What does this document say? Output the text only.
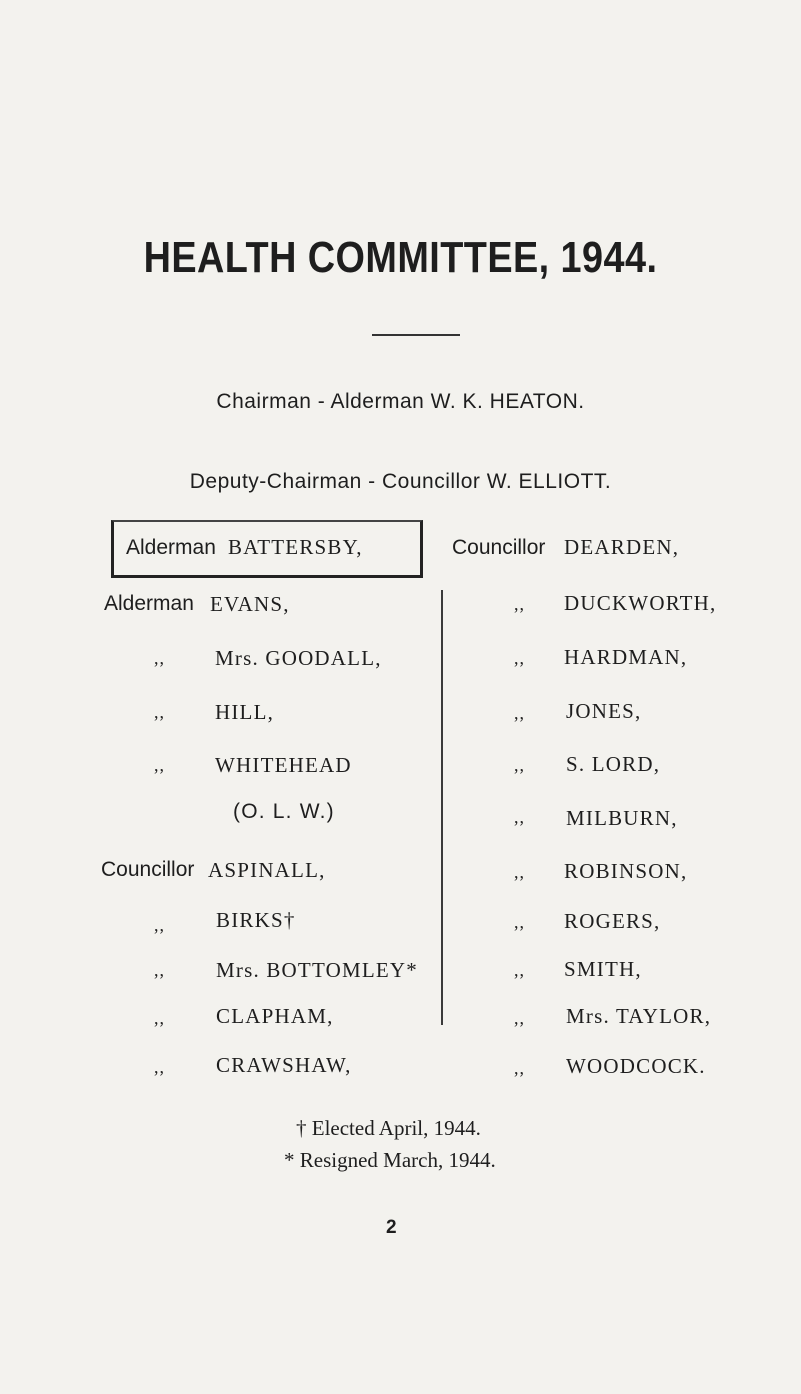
HEALTH COMMITTEE, 1944.
Chairman - Alderman W. K. HEATON.
Deputy-Chairman - Councillor W. ELLIOTT.
Alderman BATTERSBY,
Alderman EVANS,
,, Mrs. GOODALL,
,, HILL,
,, WHITEHEAD
(O. L. W.)
Councillor ASPINALL,
,, BIRKS†
,, Mrs. BOTTOMLEY*
,, CLAPHAM,
,, CRAWSHAW,
Councillor DEARDEN,
,, DUCKWORTH,
,, HARDMAN,
,, JONES,
,, S. LORD,
,, MILBURN,
,, ROBINSON,
,, ROGERS,
,, SMITH,
,, Mrs. TAYLOR,
,, WOODCOCK.
† Elected April, 1944.
* Resigned March, 1944.
2
